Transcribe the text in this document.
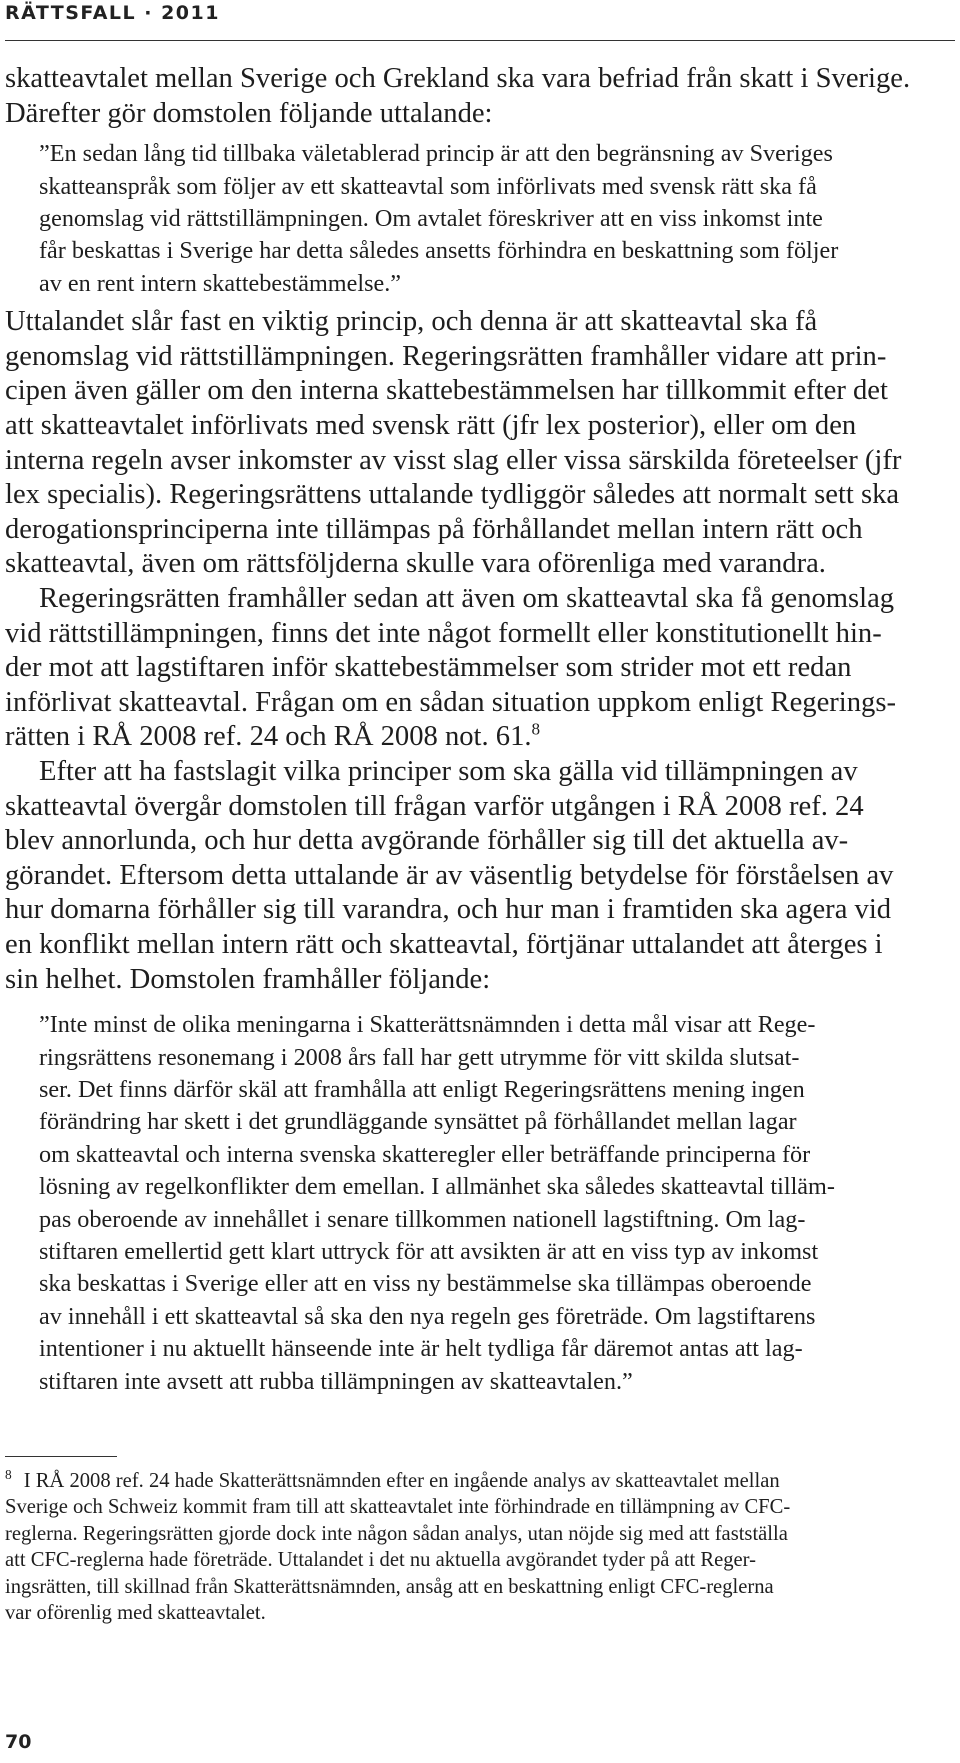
RÄTTSFALL · 2011
skatteavtalet mellan Sverige och Grekland ska vara befriad från skatt i Sverige.
Därefter gör domstolen följande uttalande:
”En sedan lång tid tillbaka väletablerad princip är att den begränsning av Sveriges
skatteanspråk som följer av ett skatteavtal som införlivats med svensk rätt ska få
genomslag vid rättstillämpningen. Om avtalet föreskriver att en viss inkomst inte
får beskattas i Sverige har detta således ansetts förhindra en beskattning som följer
av en rent intern skattebestämmelse.”
Uttalandet slår fast en viktig princip, och denna är att skatteavtal ska få
genomslag vid rättstillämpningen. Regeringsrätten framhåller vidare att prin-
cipen även gäller om den interna skattebestämmelsen har tillkommit efter det
att skatteavtalet införlivats med svensk rätt (jfr lex posterior), eller om den
interna regeln avser inkomster av visst slag eller vissa särskilda företeelser (jfr
lex specialis). Regeringsrättens uttalande tydliggör således att normalt sett ska
derogationsprinciperna inte tillämpas på förhållandet mellan intern rätt och
skatteavtal, även om rättsföljderna skulle vara oförenliga med varandra.
Regeringsrätten framhåller sedan att även om skatteavtal ska få genomslag
vid rättstillämpningen, finns det inte något formellt eller konstitutionellt hin-
der mot att lagstiftaren inför skattebestämmelser som strider mot ett redan
införlivat skatteavtal. Frågan om en sådan situation uppkom enligt Regerings-
rätten i RÅ 2008 ref. 24 och RÅ 2008 not. 61.$^8$
Efter att ha fastslagit vilka principer som ska gälla vid tillämpningen av
skatteavtal övergår domstolen till frågan varför utgången i RÅ 2008 ref. 24
blev annorlunda, och hur detta avgörande förhåller sig till det aktuella av-
görandet. Eftersom detta uttalande är av väsentlig betydelse för förståelsen av
hur domarna förhåller sig till varandra, och hur man i framtiden ska agera vid
en konflikt mellan intern rätt och skatteavtal, förtjänar uttalandet att återges i
sin helhet. Domstolen framhåller följande:
”Inte minst de olika meningarna i Skatterättsnämnden i detta mål visar att Rege-
ringsrättens resonemang i 2008 års fall har gett utrymme för vitt skilda slutsat-
ser. Det finns därför skäl att framhålla att enligt Regeringsrättens mening ingen
förändring har skett i det grundläggande synsättet på förhållandet mellan lagar
om skatteavtal och interna svenska skatteregler eller beträffande principerna för
lösning av regelkonflikter dem emellan. I allmänhet ska således skatteavtal tilläm-
pas oberoende av innehållet i senare tillkommen nationell lagstiftning. Om lag-
stiftaren emellertid gett klart uttryck för att avsikten är att en viss typ av inkomst
ska beskattas i Sverige eller att en viss ny bestämmelse ska tillämpas oberoende
av innehåll i ett skatteavtal så ska den nya regeln ges företräde. Om lagstiftarens
intentioner i nu aktuellt hänseende inte är helt tydliga får däremot antas att lag-
stiftaren inte avsett att rubba tillämpningen av skatteavtalen.”
$^8$ I RÅ 2008 ref. 24 hade Skatterättsnämnden efter en ingående analys av skatteavtalet mellan
Sverige och Schweiz kommit fram till att skatteavtalet inte förhindrade en tillämpning av CFC-
reglerna. Regeringsrätten gjorde dock inte någon sådan analys, utan nöjde sig med att fastställa
att CFC-reglerna hade företräde. Uttalandet i det nu aktuella avgörandet tyder på att Reger-
ingsrätten, till skillnad från Skatterättsnämnden, ansåg att en beskattning enligt CFC-reglerna
var oförenlig med skatteavtalet.
70
